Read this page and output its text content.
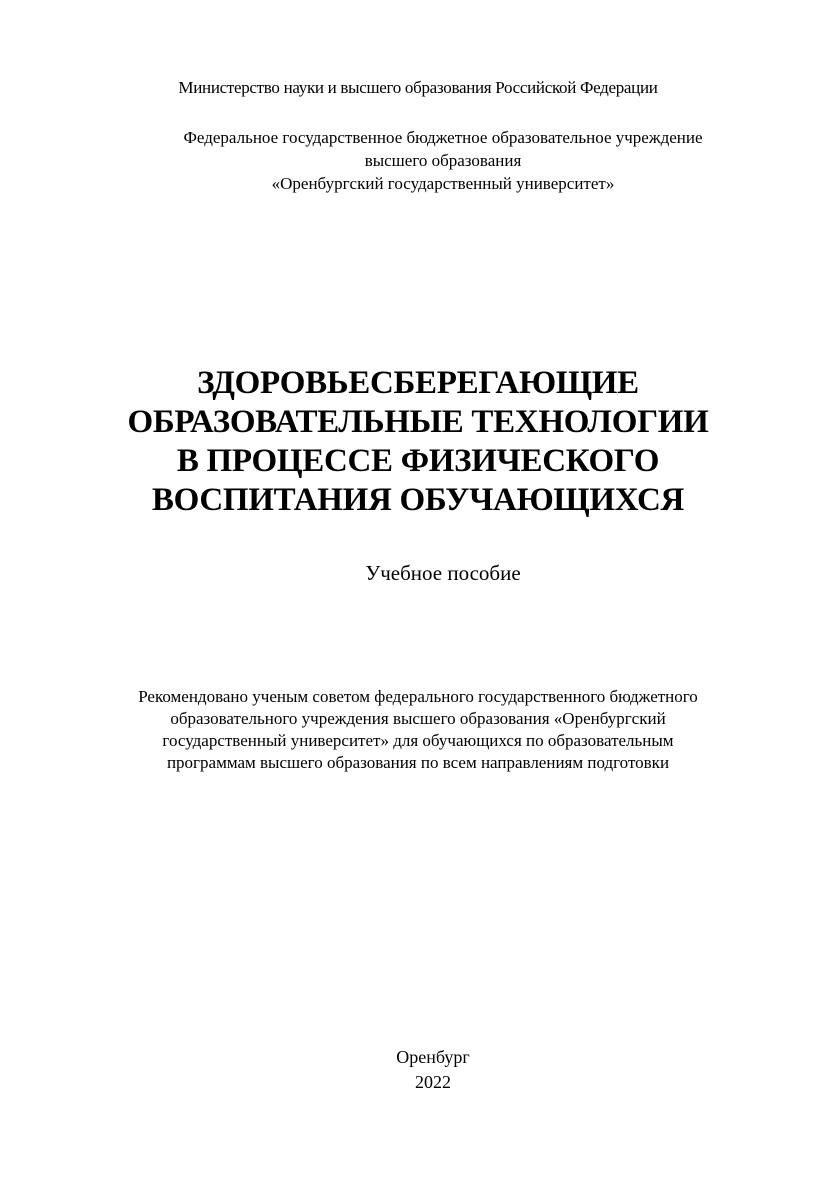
Министерство науки и высшего образования Российской Федерации
Федеральное государственное бюджетное образовательное учреждение
высшего образования
«Оренбургский государственный университет»
ЗДОРОВЬЕСБЕРЕГАЮЩИЕ
ОБРАЗОВАТЕЛЬНЫЕ ТЕХНОЛОГИИ
В ПРОЦЕССЕ ФИЗИЧЕСКОГО
ВОСПИТАНИЯ ОБУЧАЮЩИХСЯ
Учебное пособие
Рекомендовано ученым советом федерального государственного бюджетного
образовательного учреждения высшего образования «Оренбургский
государственный университет» для обучающихся по образовательным
программам высшего образования по всем направлениям подготовки
Оренбург
2022
